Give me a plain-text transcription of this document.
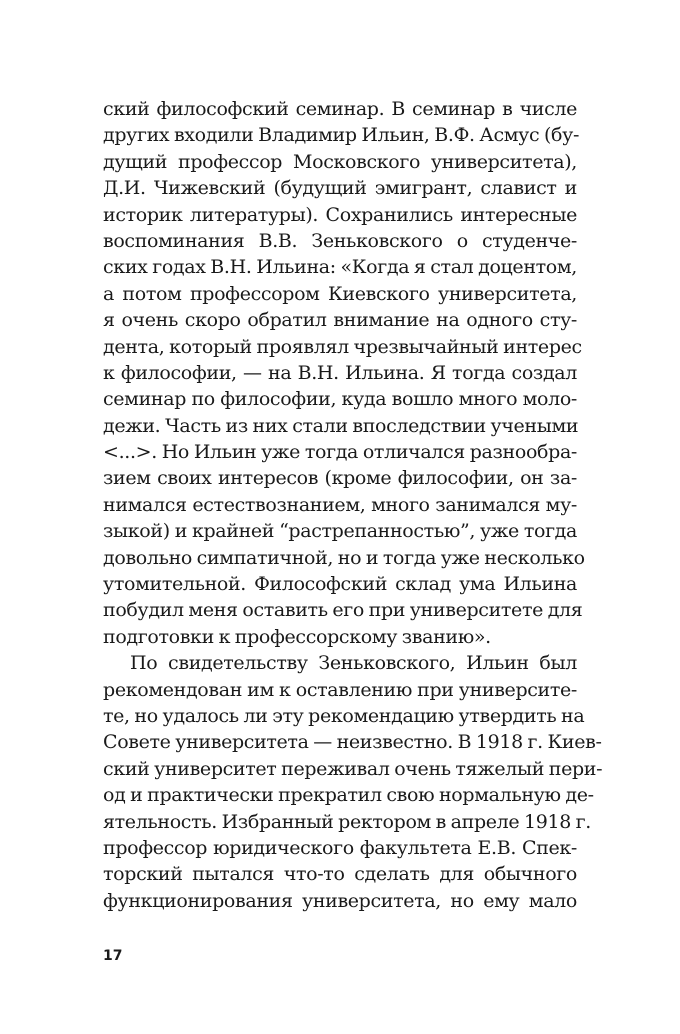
ский философский семинар. В семинар в числе
других входили Владимир Ильин, В.Ф. Асмус (бу-
дущий профессор Московского университета),
Д.И. Чижевский (будущий эмигрант, славист и
историк литературы). Сохранились интересные
воспоминания В.В. Зеньковского о студенче-
ских годах В.Н. Ильина: «Когда я стал доцентом,
а потом профессором Киевского университета,
я очень скоро обратил внимание на одного сту-
дента, который проявлял чрезвычайный интерес
к философии, — на В.Н. Ильина. Я тогда создал
семинар по философии, куда вошло много моло-
дежи. Часть из них стали впоследствии учеными
<...>. Но Ильин уже тогда отличался разнообра-
зием своих интересов (кроме философии, он за-
нимался естествознанием, много занимался му-
зыкой) и крайней “растрепанностью”, уже тогда
довольно симпатичной, но и тогда уже несколько
утомительной. Философский склад ума Ильина
побудил меня оставить его при университете для
подготовки к профессорскому званию».
По свидетельству Зеньковского, Ильин был
рекомендован им к оставлению при университе-
те, но удалось ли эту рекомендацию утвердить на
Совете университета — неизвестно. В 1918 г. Киев-
ский университет переживал очень тяжелый пери-
од и практически прекратил свою нормальную де-
ятельность. Избранный ректором в апреле 1918 г.
профессор юридического факультета Е.В. Спек-
торский пытался что-то сделать для обычного
функционирования университета, но ему мало
17
